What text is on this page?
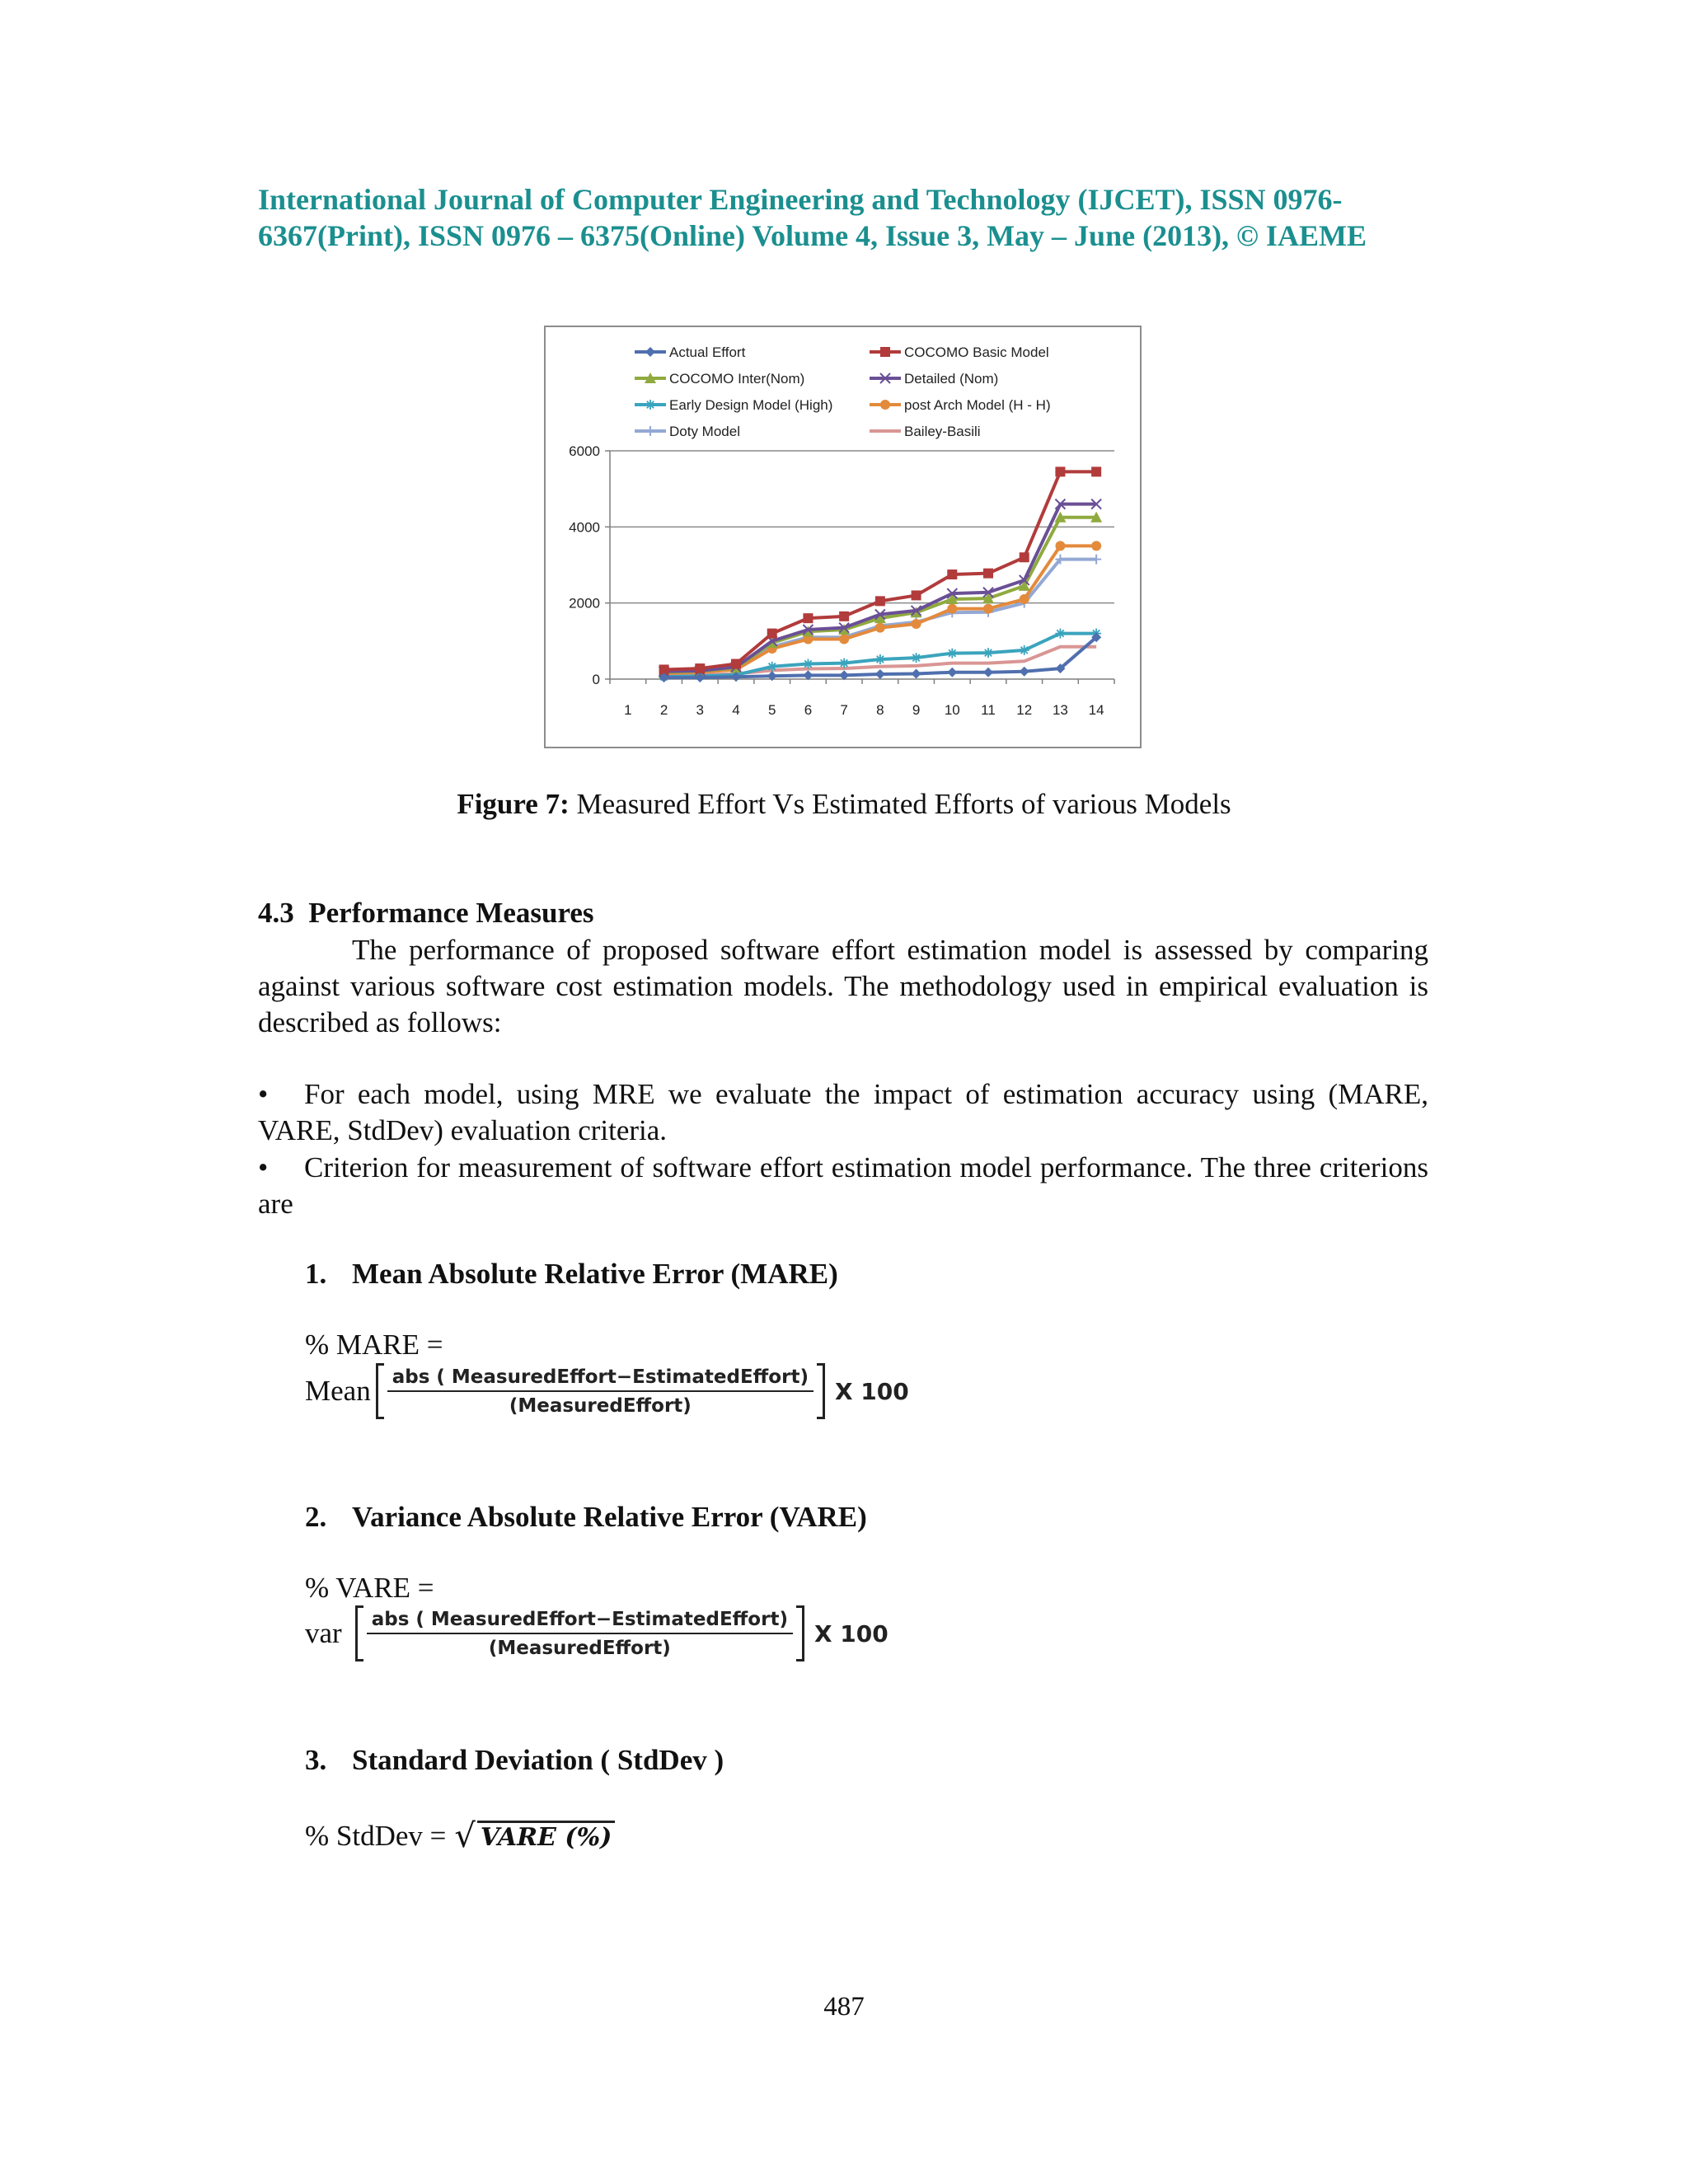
International Journal of Computer Engineering and Technology (IJCET), ISSN 0976-
6367(Print), ISSN 0976 – 6375(Online) Volume 4, Issue 3, May – June (2013), © IAEME
0
2000
4000
6000
1 2 3 4 5 6 7 8 9 10 11 12 13 14
Actual Effort	COCOMO Basic Model
COCOMO Inter(Nom)	Detailed (Nom)
Early Design Model (High)	post Arch Model (H - H)
Doty Model	Bailey-Basili
Figure 7: Measured Effort Vs Estimated Efforts of various Models
4.3 Performance Measures
The performance of proposed software effort estimation model is assessed by comparing against various software cost estimation models. The methodology used in empirical evaluation is described as follows:
• For each model, using MRE we evaluate the impact of estimation accuracy using (MARE, VARE, StdDev) evaluation criteria.
• Criterion for measurement of software effort estimation model performance. The three criterions are
1. Mean Absolute Relative Error (MARE)
% MARE =
Mean $\frac{\text{abs ( MeasuredEffort−EstimatedEffort)}}{\text{(MeasuredEffort)}}$ X 100
2. Variance Absolute Relative Error (VARE)
% VARE =
var $\frac{\text{abs ( MeasuredEffort−EstimatedEffort)}}{\text{(MeasuredEffort)}}$ X 100
3. Standard Deviation ( StdDev )
% StdDev = √ VARE (%)
487
